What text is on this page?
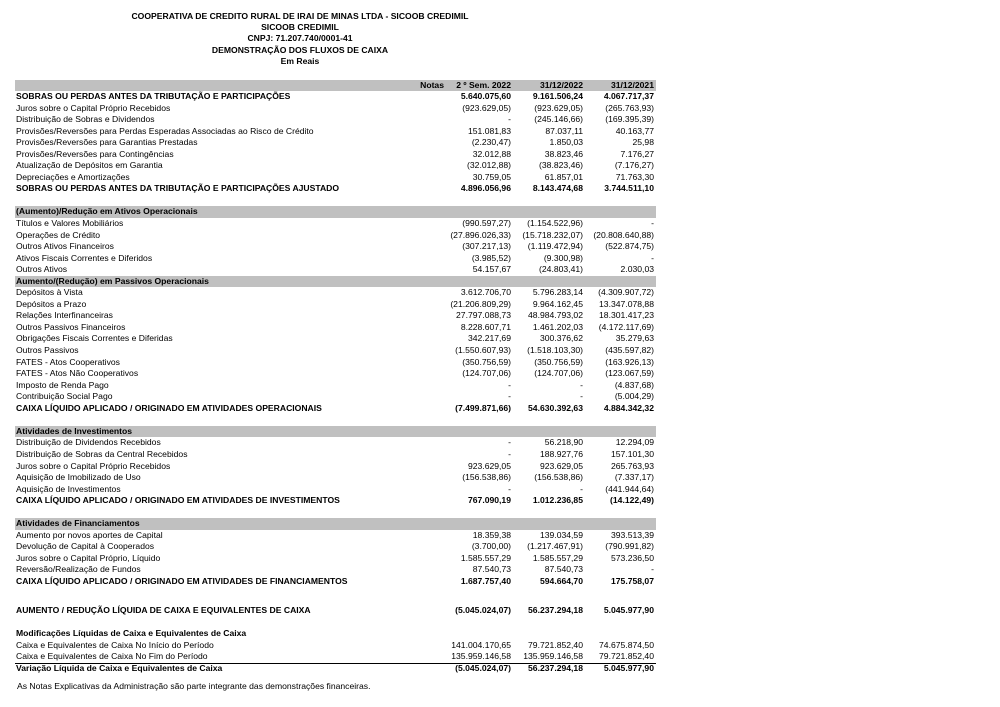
COOPERATIVA DE CREDITO RURAL DE IRAI DE MINAS LTDA - SICOOB CREDIMIL
SICOOB CREDIMIL
CNPJ: 71.207.740/0001-41
DEMONSTRAÇÃO DOS FLUXOS DE CAIXA
Em Reais
Notas 2 º Sem. 2022	31/12/2022	31/12/2021
SOBRAS OU PERDAS ANTES DA TRIBUTAÇÃO E PARTICIPAÇÕES	5.640.075,60	9.161.506,24 4.067.717,37
Juros sobre o Capital Próprio Recebidos	(923.629,05)	(923.629,05)	(265.763,93)
Distribuição de Sobras e Dividendos	-	(245.146,66)	(169.395,39)
Provisões/Reversões para Perdas Esperadas Associadas ao Risco de Crédito	151.081,83	87.037,11	40.163,77
Provisões/Reversões para Garantias Prestadas	(2.230,47)	1.850,03	25,98
Provisões/Reversões para Contingências	32.012,88	38.823,46	7.176,27
Atualização de Depósitos em Garantia	(32.012,88)	(38.823,46)	(7.176,27)
Depreciações e Amortizações	30.759,05	61.857,01	71.763,30
SOBRAS OU PERDAS ANTES DA TRIBUTAÇÃO E PARTICIPAÇÕES AJUSTADO	4.896.056,96	8.143.474,68 3.744.511,10
(Aumento)/Redução em Ativos Operacionais
Títulos e Valores Mobiliários	(990.597,27) (1.154.522,96)	-
Operações de Crédito	(27.896.026,33) (15.718.232,07) (20.808.640,88)
Outros Ativos Financeiros	(307.217,13) (1.119.472,94)	(522.874,75)
Ativos Fiscais Correntes e Diferidos	(3.985,52)	(9.300,98)	-
Outros Ativos	54.157,67	(24.803,41)	2.030,03
Aumento/(Redução) em Passivos Operacionais
Depósitos à Vista	3.612.706,70	5.796.283,14 (4.309.907,72)
Depósitos a Prazo	(21.206.809,29)	9.964.162,45 13.347.078,88
Relações Interfinanceiras	27.797.088,73 48.984.793,02 18.301.417,23
Outros Passivos Financeiros	8.228.607,71	1.461.202,03 (4.172.117,69)
Obrigações Fiscais Correntes e Diferidas	342.217,69	300.376,62	35.279,63
Outros Passivos	(1.550.607,93) (1.518.103,30)	(435.597,82)
FATES - Atos Cooperativos	(350.756,59)	(350.756,59)	(163.926,13)
FATES - Atos Não Cooperativos	(124.707,06)	(124.707,06)	(123.067,59)
Imposto de Renda Pago	-	-	(4.837,68)
Contribuição Social Pago	-	-	(5.004,29)
CAIXA LÍQUIDO APLICADO / ORIGINADO EM ATIVIDADES OPERACIONAIS	(7.499.871,66) 54.630.392,63 4.884.342,32
Atividades de Investimentos
Distribuição de Dividendos Recebidos	-	56.218,90	12.294,09
Distribuição de Sobras da Central Recebidos	-	188.927,76	157.101,30
Juros sobre o Capital Próprio Recebidos	923.629,05	923.629,05	265.763,93
Aquisição de Imobilizado de Uso	(156.538,86)	(156.538,86)	(7.337,17)
Aquisição de Investimentos	-	-	(441.944,64)
CAIXA LÍQUIDO APLICADO / ORIGINADO EM ATIVIDADES DE INVESTIMENTOS	767.090,19	1.012.236,85	(14.122,49)
Atividades de Financiamentos
Aumento por novos aportes de Capital	18.359,38	139.034,59	393.513,39
Devolução de Capital à Cooperados	(3.700,00) (1.217.467,91)	(790.991,82)
Juros sobre o Capital Próprio, Líquido	1.585.557,29	1.585.557,29	573.236,50
Reversão/Realização de Fundos	87.540,73	87.540,73	-
CAIXA LÍQUIDO APLICADO / ORIGINADO EM ATIVIDADES DE FINANCIAMENTOS	1.687.757,40	594.664,70	175.758,07
AUMENTO / REDUÇÃO LÍQUIDA DE CAIXA E EQUIVALENTES DE CAIXA	(5.045.024,07) 56.237.294,18 5.045.977,90
Modificações Líquidas de Caixa e Equivalentes de Caixa
Caixa e Equivalentes de Caixa No Início do Período	141.004.170,65 79.721.852,40 74.675.874,50
Caixa e Equivalentes de Caixa No Fim do Período	135.959.146,58 135.959.146,58 79.721.852,40
Variação Líquida de Caixa e Equivalentes de Caixa	(5.045.024,07) 56.237.294,18 5.045.977,90
As Notas Explicativas da Administração são parte integrante das demonstrações financeiras.
